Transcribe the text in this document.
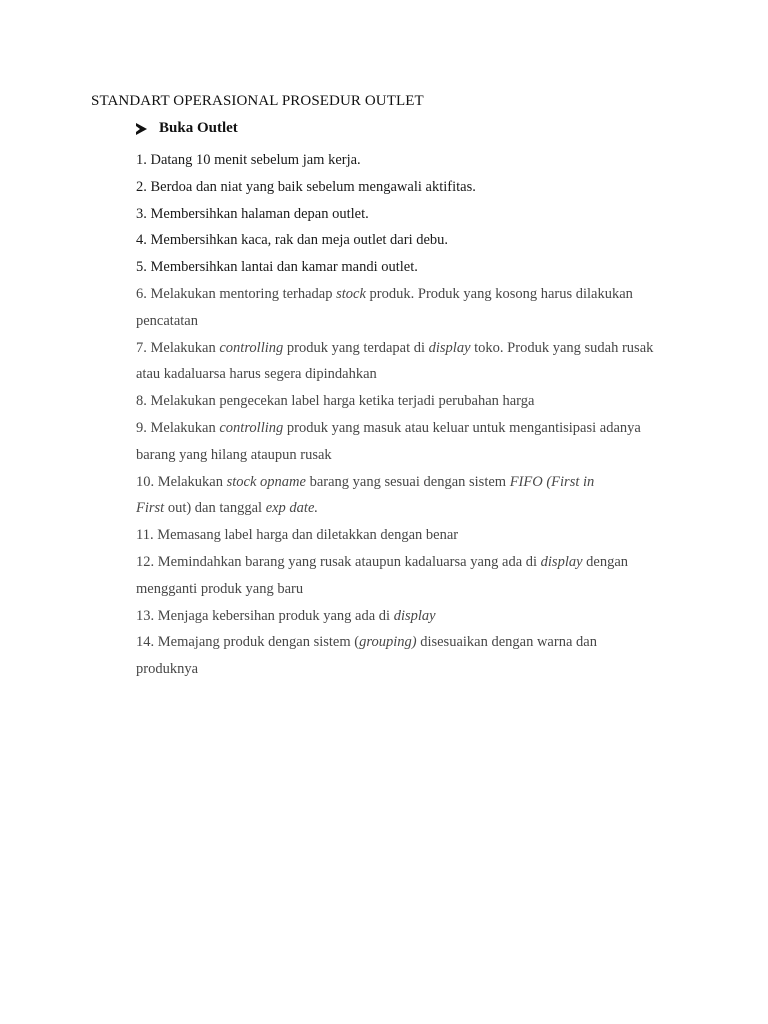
STANDART OPERASIONAL PROSEDUR OUTLET
Buka Outlet
1. Datang 10 menit sebelum jam kerja.
2. Berdoa dan niat yang baik sebelum mengawali aktifitas.
3. Membersihkan halaman depan outlet.
4. Membersihkan kaca, rak dan meja outlet dari debu.
5. Membersihkan lantai dan kamar mandi outlet.
6. Melakukan mentoring terhadap stock produk. Produk yang kosong harus dilakukan
pencatatan
7. Melakukan controlling produk yang terdapat di display toko. Produk yang sudah rusak
atau kadaluarsa harus segera dipindahkan
8. Melakukan pengecekan label harga ketika terjadi perubahan harga
9. Melakukan controlling produk yang masuk atau keluar untuk mengantisipasi adanya
barang yang hilang ataupun rusak
10. Melakukan stock opname barang yang sesuai dengan sistem FIFO (First in
First out) dan tanggal exp date.
11. Memasang label harga dan diletakkan dengan benar
12. Memindahkan barang yang rusak ataupun kadaluarsa yang ada di display dengan
mengganti produk yang baru
13. Menjaga kebersihan produk yang ada di display
14. Memajang produk dengan sistem (grouping) disesuaikan dengan warna dan
produknya
